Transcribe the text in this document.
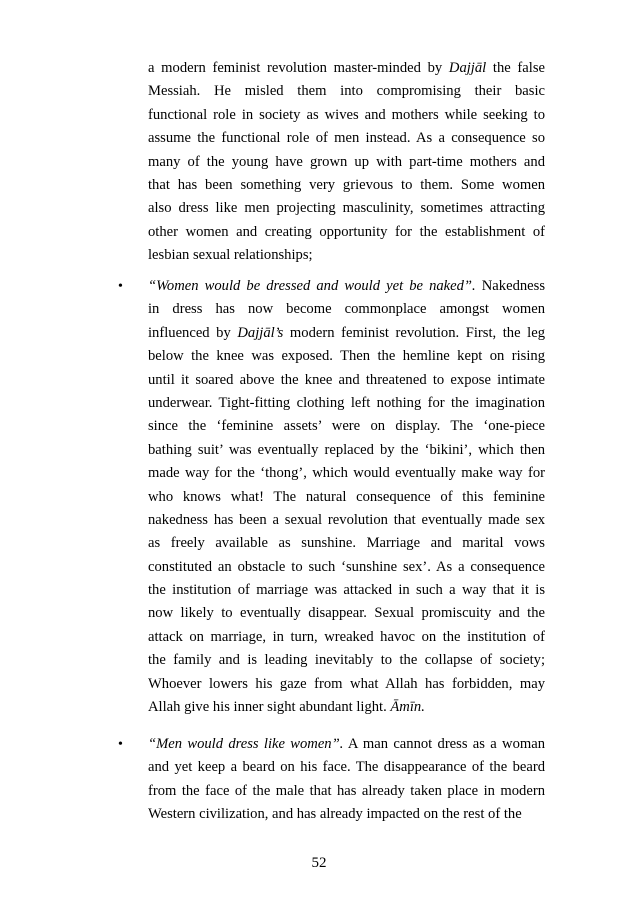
a modern feminist revolution master-minded by Dajjāl the false
Messiah. He misled them into compromising their basic
functional role in society as wives and mothers while seeking to
assume the functional role of men instead. As a consequence so
many of the young have grown up with part-time mothers and
that has been something very grievous to them. Some women
also dress like men projecting masculinity, sometimes attracting
other women and creating opportunity for the establishment of
lesbian sexual relationships;
• “Women would be dressed and would yet be naked”. Nakedness
in dress has now become commonplace amongst women
influenced by Dajjāl’s modern feminist revolution. First, the leg
below the knee was exposed. Then the hemline kept on rising
until it soared above the knee and threatened to expose intimate
underwear. Tight-fitting clothing left nothing for the imagination
since the ‘feminine assets’ were on display. The ‘one-piece
bathing suit’ was eventually replaced by the ‘bikini’, which then
made way for the ‘thong’, which would eventually make way for
who knows what! The natural consequence of this feminine
nakedness has been a sexual revolution that eventually made sex
as freely available as sunshine. Marriage and marital vows
constituted an obstacle to such ‘sunshine sex’. As a consequence
the institution of marriage was attacked in such a way that it is
now likely to eventually disappear. Sexual promiscuity and the
attack on marriage, in turn, wreaked havoc on the institution of
the family and is leading inevitably to the collapse of society;
Whoever lowers his gaze from what Allah has forbidden, may
Allah give his inner sight abundant light. Āmīn.
• “Men would dress like women”. A man cannot dress as a woman
and yet keep a beard on his face. The disappearance of the beard
from the face of the male that has already taken place in modern
Western civilization, and has already impacted on the rest of the
52
